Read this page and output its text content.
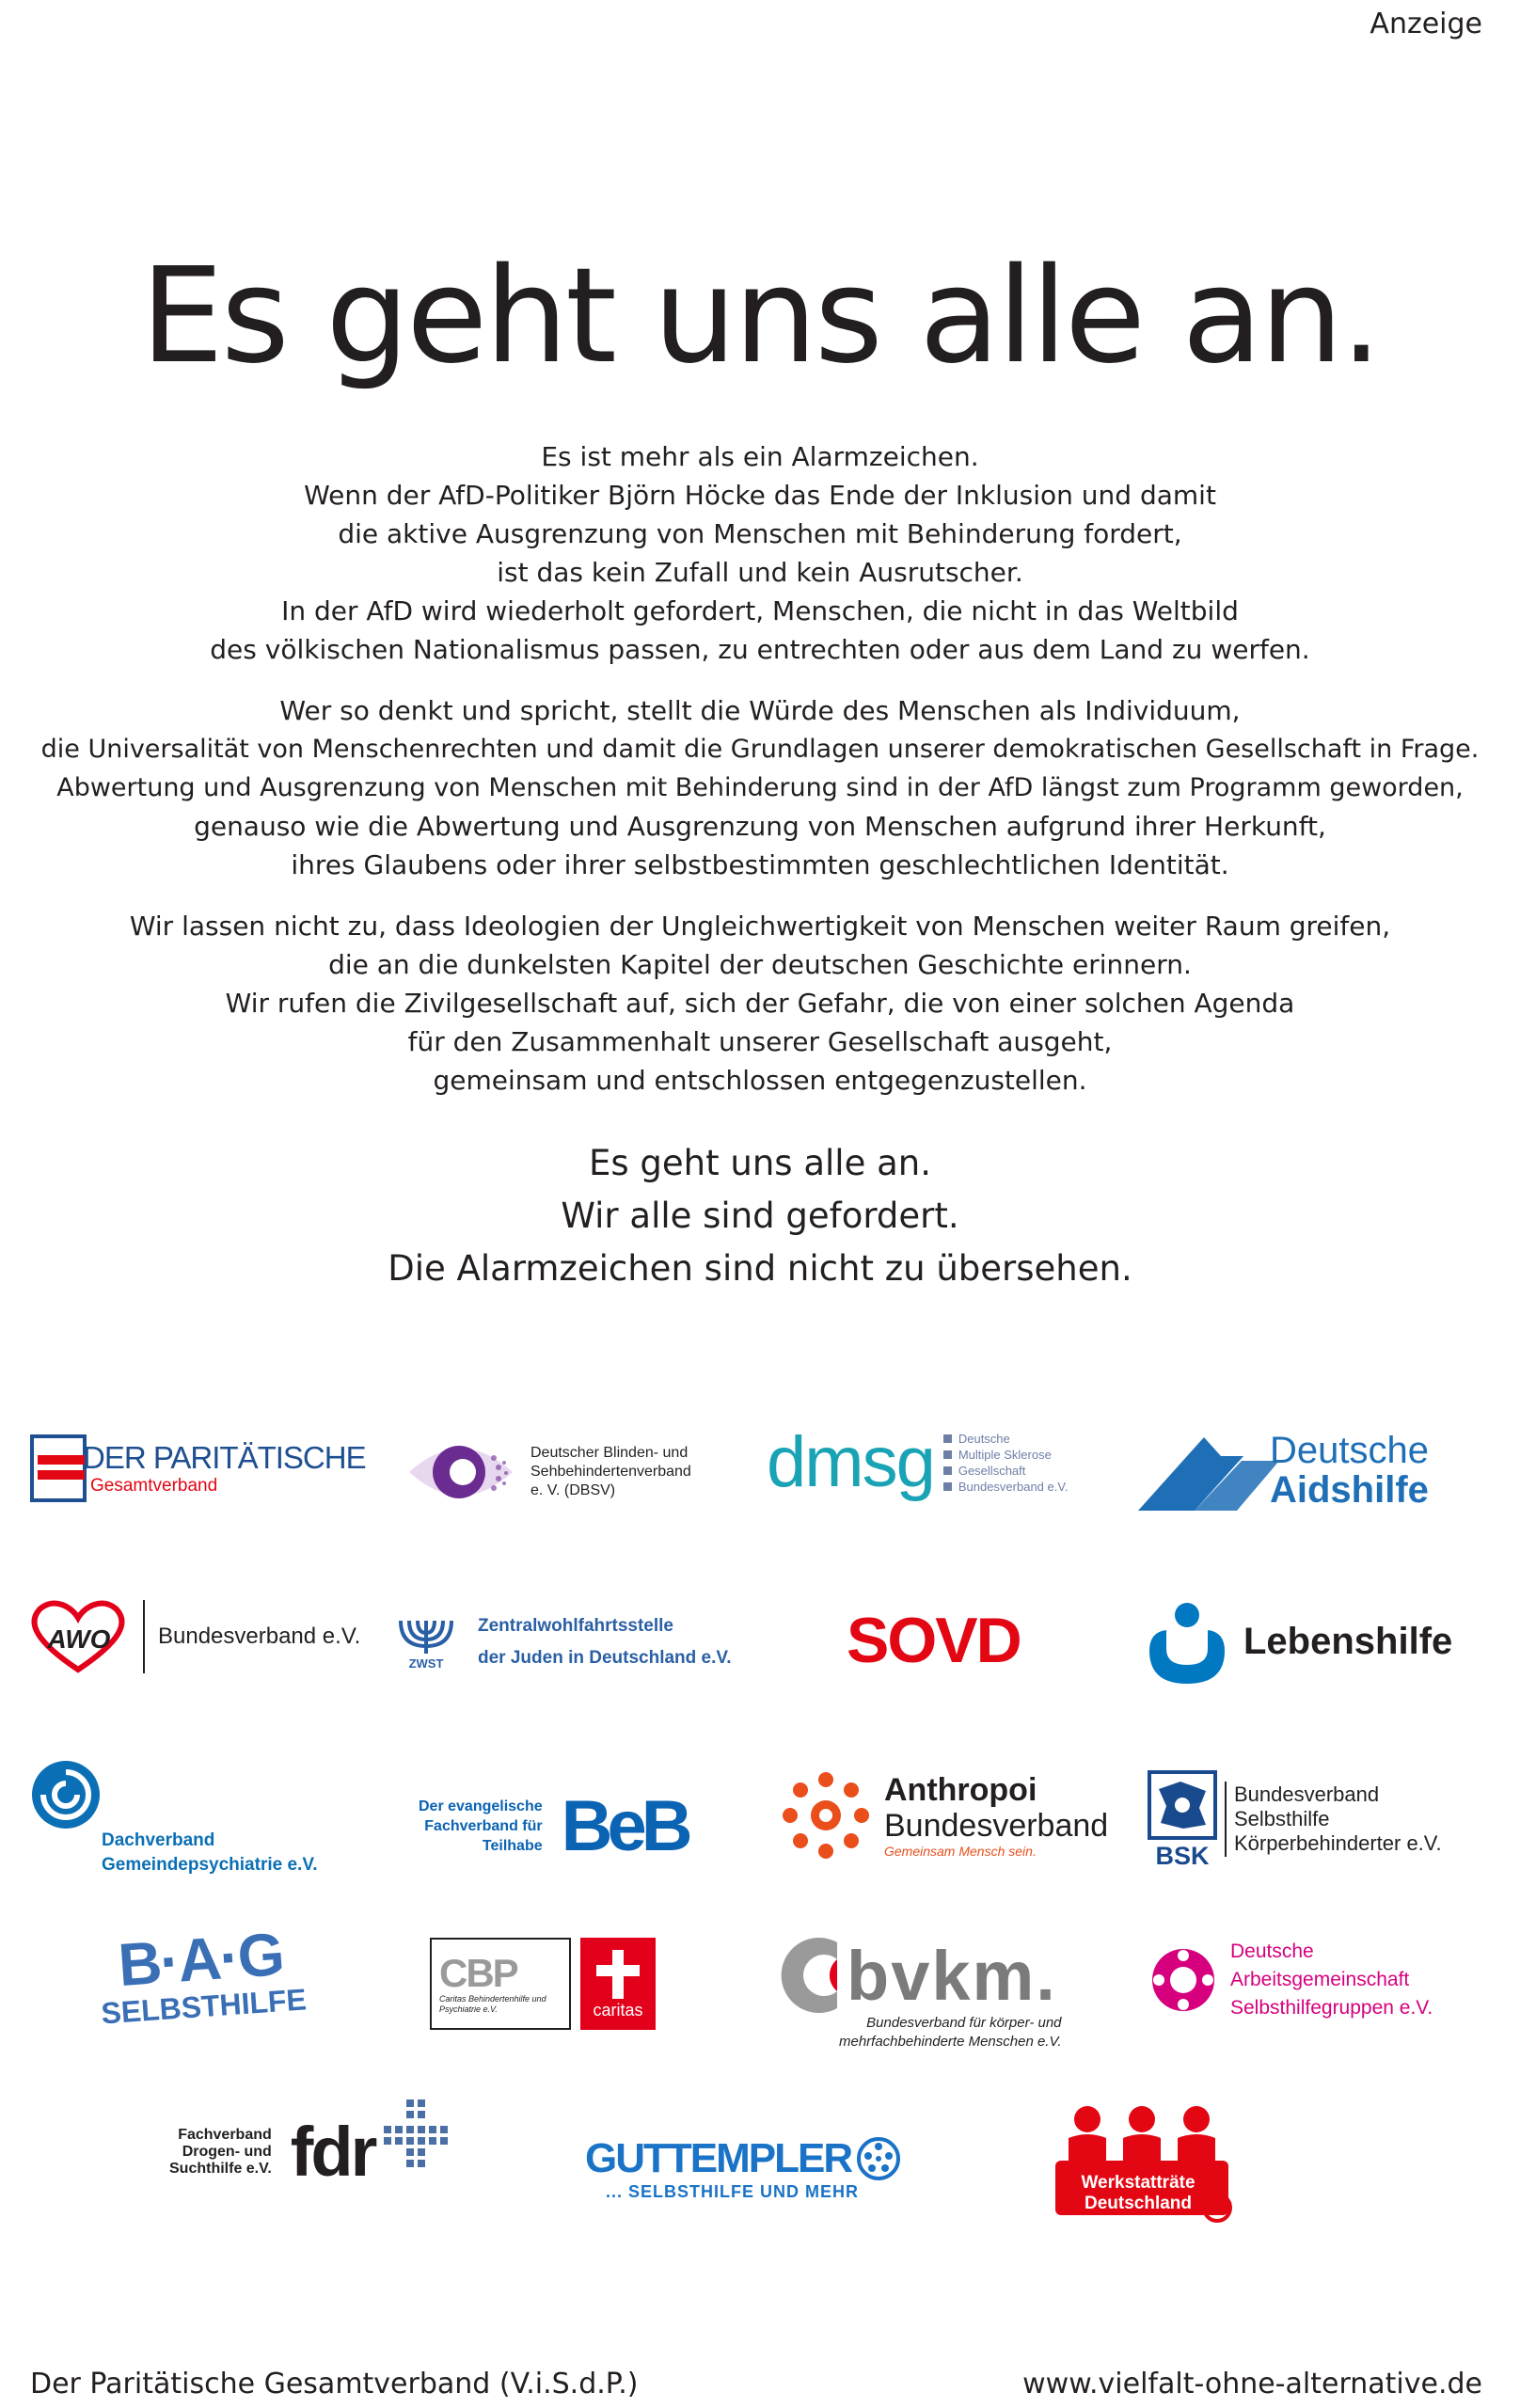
Anzeige
Es geht uns alle an.
Es ist mehr als ein Alarmzeichen.
Wenn der AfD-Politiker Björn Höcke das Ende der Inklusion und damit
die aktive Ausgrenzung von Menschen mit Behinderung fordert,
ist das kein Zufall und kein Ausrutscher.
In der AfD wird wiederholt gefordert, Menschen, die nicht in das Weltbild
des völkischen Nationalismus passen, zu entrechten oder aus dem Land zu werfen.
Wer so denkt und spricht, stellt die Würde des Menschen als Individuum,
die Universalität von Menschenrechten und damit die Grundlagen unserer demokratischen Gesellschaft in Frage.
Abwertung und Ausgrenzung von Menschen mit Behinderung sind in der AfD längst zum Programm geworden,
genauso wie die Abwertung und Ausgrenzung von Menschen aufgrund ihrer Herkunft,
ihres Glaubens oder ihrer selbstbestimmten geschlechtlichen Identität.
Wir lassen nicht zu, dass Ideologien der Ungleichwertigkeit von Menschen weiter Raum greifen,
die an die dunkelsten Kapitel der deutschen Geschichte erinnern.
Wir rufen die Zivilgesellschaft auf, sich der Gefahr, die von einer solchen Agenda
für den Zusammenhalt unserer Gesellschaft ausgeht,
gemeinsam und entschlossen entgegenzustellen.
Es geht uns alle an.
Wir alle sind gefordert.
Die Alarmzeichen sind nicht zu übersehen.
DER PARITÄTISCHE
Gesamtverband
Deutscher Blinden- und
Sehbehindertenverband
e. V. (DBSV)	dmsg Deutsche
Multiple Sklerose
Gesellschaft
Bundesverband e.V.
Deutsche
Aidshilfe
AWO Bundesverband e.V.
ZWST
Zentralwohlfahrtsstelle
der Juden in Deutschland e.V. SOVD	Lebenshilfe
Dachverband
Gemeindepsychiatrie e.V.
Der evangelische
Fachverband für
Teilhabe BeB	Anthropoi
Bundesverband
Gemeinsam Mensch sein.	BSK
Bundesverband
Selbsthilfe
Körperbehinderter e.V.
B·A·G
SELBSTHILFE
CBP
Caritas Behindertenhilfe und Psychiatrie e.V.	caritas	bvkm.
Bundesverband für körper- und
mehrfachbehinderte Menschen e.V.
Deutsche
Arbeitsgemeinschaft
Selbsthilfegruppen e.V.
Fachverband
Drogen- und
Suchthilfe e.V. fdr	GUTTEMPLER
... SELBSTHILFE UND MEHR	Werkstatträte
Deutschland
Der Paritätische Gesamtverband (V.i.S.d.P.)	www.vielfalt-ohne-alternative.de
